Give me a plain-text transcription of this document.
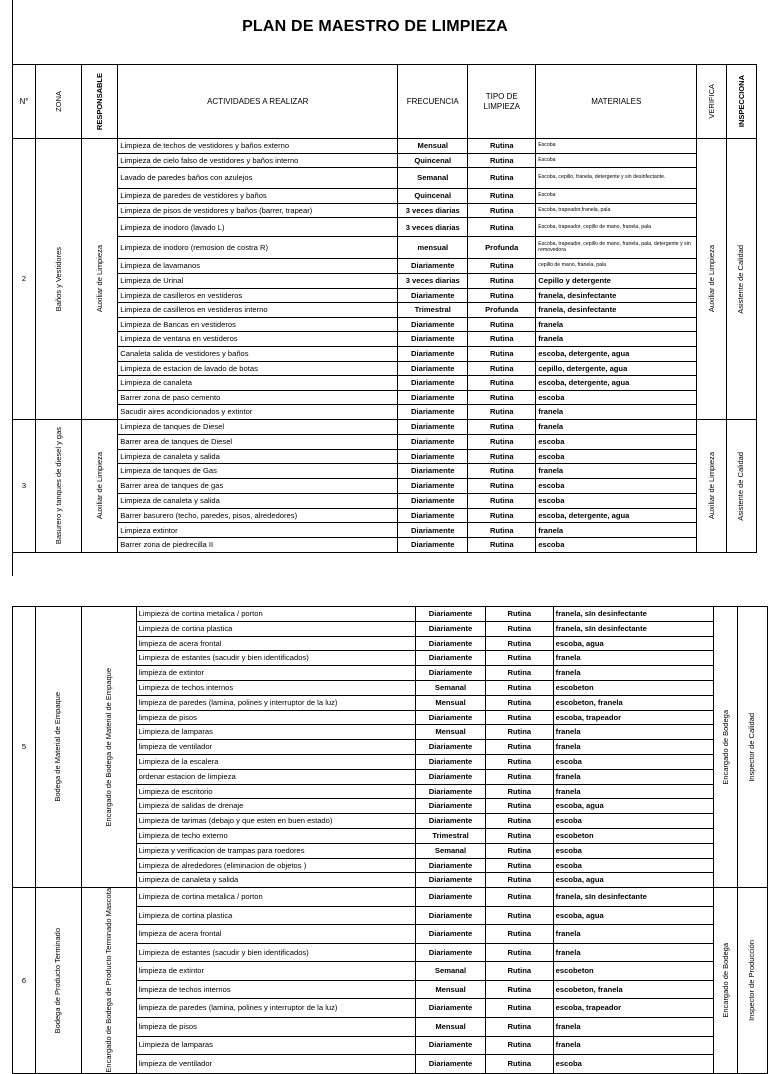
PLAN DE MAESTRO DE LIMPIEZA
N°	ZONA	RESPONSABLE	ACTIVIDADES A REALIZAR	FRECUENCIA	TIPO DE LIMPIEZA	MATERIALES	VERIFICA	INSPECCIONA

2	Baños y Vestidores	Auxiliar de Limpieza	Limpieza de techos de vestidores y baños externo	Mensual	Rutina	Escoba	Auxiliar de Limpieza	Asistente de Calidad

			Limpieza de cielo falso de vestidores y baños interno	Quincenal	Rutina	Escoba		
			Lavado de paredes baños con azulejos	Semanal	Rutina	Escoba, cepillo, franela, detergente y sin desinfectante.		
			Limpieza de paredes de vestidores y baños	Quincenal	Rutina	Escoba		
			Limpieza de pisos de vestidores y baños (barrer, trapear)	3 veces diarias	Rutina	Escoba, trapeador,franela, pala		
			Limpieza de inodoro (lavado L)	3 veces diarias	Rutina	Escoba, trapeador, cepillo de mano, franela, pala		
			Limpieza de inodoro (remosion de costra R)	mensual	Profunda	Escoba, trapeador, cepillo de mano, franela, pala, detergente y sin removedora		
			Limpieza de lavamanos	Diariamente	Rutina	cepillo de mano, franela, pala		
			Limpieza de Urinal	3 veces diarias	Rutina	Cepillo y detergente		
			Limpieza de casilleros en vestideros	Diariamente	Rutina	franela, desinfectante		
			Limpieza de casilleros en vestideros interno	Trimestral	Profunda	franela, desinfectante		
			Limpieza de Bancas en vestideros	Diariamente	Rutina	franela		
			Limpieza de ventana en vestideros	Diariamente	Rutina	franela		
			Canaleta salida de vestidores y baños	Diariamente	Rutina	escoba, detergente, agua		
			Limpieza de estacion de lavado de botas	Diariamente	Rutina	cepillo, detergente, agua		
			Limpieza de canaleta	Diariamente	Rutina	escoba, detergente, agua		
			Barrer zona de paso cemento	Diariamente	Rutina	escoba		
			Sacudir aires acondicionados y extintor	Diariamente	Rutina	franela		
3	Basurero y tanques de diesel y gas	Auxiliar de Limpieza	Limpieza de tanques de Diesel	Diariamente	Rutina	franela	Auxiliar de Limpieza	Asistente de Calidad

			Barrer area de tanques de Diesel	Diariamente	Rutina	escoba		
			Limpieza de canaleta y salida	Diariamente	Rutina	escoba		
			Limpieza de tanques de Gas	Diariamente	Rutina	franela		
			Barrer area de tanques de gas	Diariamente	Rutina	escoba		
			Limpieza de canaleta y salida	Diariamente	Rutina	escoba		
			Barrer basurero (techo, paredes, pisos, alrededores)	Diariamente	Rutina	escoba, detergente, agua		
			Limpieza extintor	Diariamente	Rutina	franela		
			Barrer zona de piedrecilla II	Diariamente	Rutina	escoba		
5	Bodega de Material de Empaque	Encargado de Bodega de Material de Empaque	Limpieza de cortina metalica / porton	Diariamente	Rutina	franela, sIn desinfectante	Encargado de Bodega	Inspector de Calidad

			Limpieza de cortina plastica	Diariamente	Rutina	franela, sIn desinfectante		
			limpieza de acera frontal	Diariamente	Rutina	escoba, agua		
			Limpieza de estantes (sacudir y bien identificados)	Diariamente	Rutina	franela		
			limpieza de extintor	Diariamente	Rutina	franela		
			Limpieza de techos internos	Semanal	Rutina	escobeton		
			limpieza de paredes (lamina, polines y interruptor de la luz)	Mensual	Rutina	escobeton, franela		
			limpieza de pisos	Diariamente	Rutina	escoba, trapeador		
			Limpieza de lamparas	Mensual	Rutina	franela		
			limpieza de ventilador	Diariamente	Rutina	franela		
			Limpieza de la escalera	Diariamente	Rutina	escoba		
			ordenar estacion de limpieza	Diariamente	Rutina	franela		
			Limpieza de escritorio	Diariamente	Rutina	franela		
			Limpieza de salidas de drenaje	Diariamente	Rutina	escoba, agua		
			Limpieza de tarimas (debajo y que esten en buen estado)	Diariamente	Rutina	escoba		
			Limpieza de techo externo	Trimestral	Rutina	escobeton		
			Limpieza y verificacion de trampas para roedores	Semanal	Rutina	escoba		
			Limpieza de alrededores (eliminacion de objetos )	Diariamente	Rutina	escoba		
			Limpieza de canaleta y salida	Diariamente	Rutina	escoba, agua		
6	Bodega de Producto Terminado	Encargado de Bodega de Producto Terminado Mascota	Limpieza de cortina metalica / porton	Diariamente	Rutina	franela, sIn desinfectante	Encargado de Bodega	Inspector de Producción

			Limpieza de cortina plastica	Diariamente	Rutina	escoba, agua		
			limpieza de acera frontal	Diariamente	Rutina	franela		
			Limpieza de estantes (sacudir y bien identificados)	Diariamente	Rutina	franela		
			limpieza de extintor	Semanal	Rutina	escobeton		
			limpieza de techos internos	Mensual	Rutina	escobeton, franela		
			limpieza de paredes (lamina, polines y interruptor de la luz)	Diariamente	Rutina	escoba, trapeador		
			limpieza de pisos	Mensual	Rutina	franela		
			Limpieza de lamparas	Diariamente	Rutina	franela		
			limpieza de ventilador	Diariamente	Rutina	escoba		
